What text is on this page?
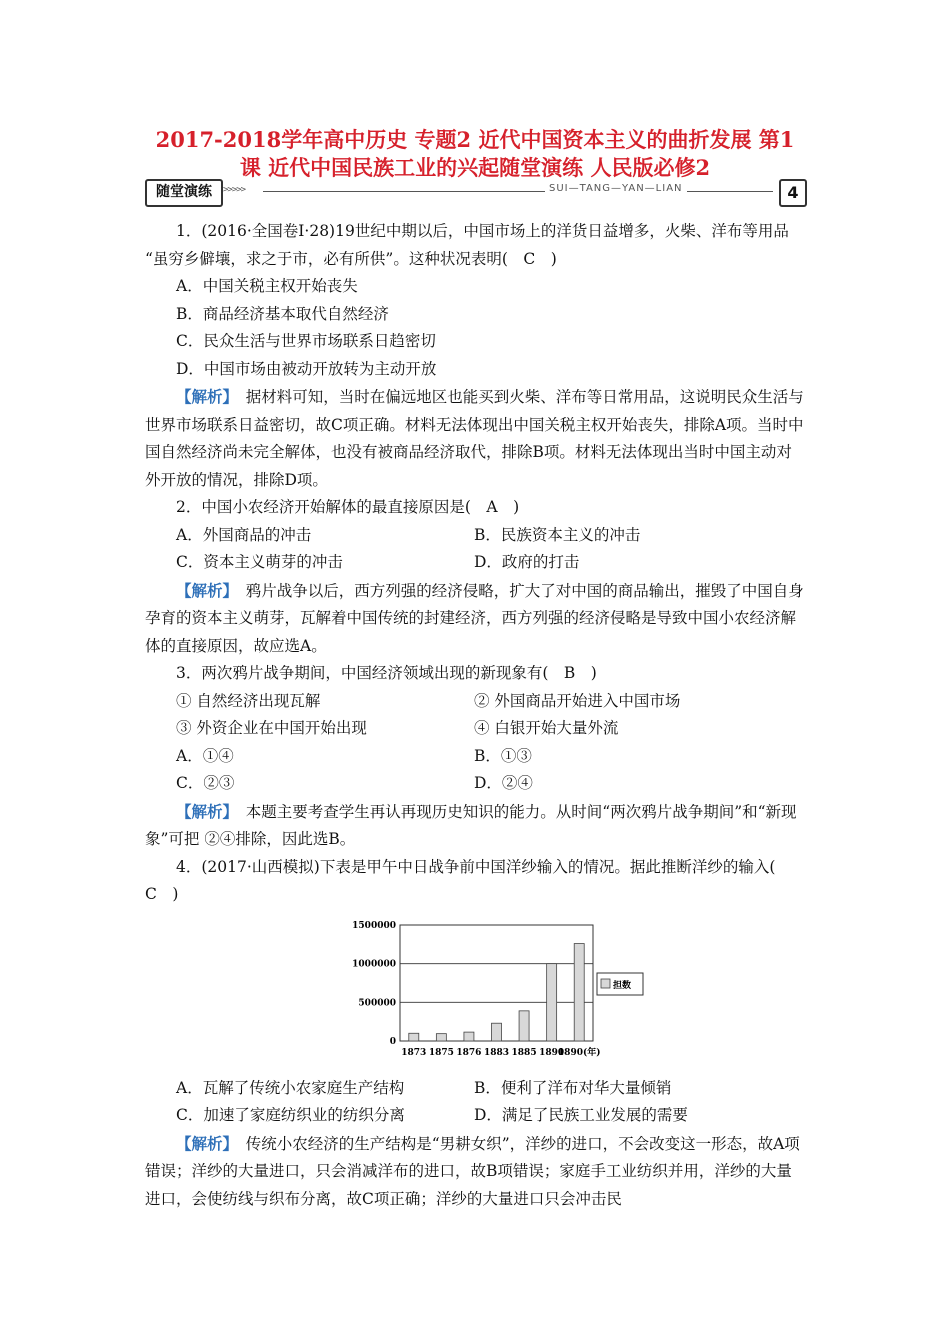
2017-2018学年高中历史 专题2 近代中国资本主义的曲折发展 第1
课 近代中国民族工业的兴起随堂演练 人民版必修2
随堂演练	>>>>>	SUI—TANG—YAN—LIAN	4

1．(2016·全国卷Ⅰ·28)19世纪中期以后，中国市场上的洋货日益增多，火柴、洋布等用品 “虽穷乡僻壤，求之于市，必有所供”。这种状况表明(　C　)

A．中国关税主权开始丧失

B．商品经济基本取代自然经济

C．民众生活与世界市场联系日趋密切

D．中国市场由被动开放转为主动开放

【解析】　据材料可知，当时在偏远地区也能买到火柴、洋布等日常用品，这说明民众生活与世界市场联系日益密切，故C项正确。材料无法体现出中国关税主权开始丧失，排除A项。当时中国自然经济尚未完全解体，也没有被商品经济取代，排除B项。材料无法体现出当时中国主动对外开放的情况，排除D项。

2．中国小农经济开始解体的最直接原因是(　A　)

A．外国商品的冲击	B．民族资本主义的冲击
C．资本主义萌芽的冲击	D．政府的打击

【解析】　鸦片战争以后，西方列强的经济侵略，扩大了对中国的商品输出，摧毁了中国自身孕育的资本主义萌芽，瓦解着中国传统的封建经济，西方列强的经济侵略是导致中国小农经济解体的直接原因，故应选A。

3．两次鸦片战争期间，中国经济领域出现的新现象有(　B　)

① 自然经济出现瓦解	② 外国商品开始进入中国市场
③ 外资企业在中国开始出现	④ 白银开始大量外流
A．①④	B．①③
C．②③	D．②④

【解析】　本题主要考查学生再认再现历史知识的能力。从时间“两次鸦片战争期间”和“新现象”可把 ②④排除，因此选B。

4．(2017·山西模拟)下表是甲午中日战争前中国洋纱输入的情况。据此推断洋纱的输入(　C　)

1500000
1000000
500000
0
1873 1875 1876 1883 1885 1890
1890(年)
担数
A．瓦解了传统小农家庭生产结构	B．便利了洋布对华大量倾销
C．加速了家庭纺织业的纺织分离	D．满足了民族工业发展的需要

【解析】　传统小农经济的生产结构是“男耕女织”，洋纱的进口，不会改变这一形态，故A项错误；洋纱的大量进口，只会消减洋布的进口，故B项错误；家庭手工业纺织并用，洋纱的大量进口，会使纺线与织布分离，故C项正确；洋纱的大量进口只会冲击民
